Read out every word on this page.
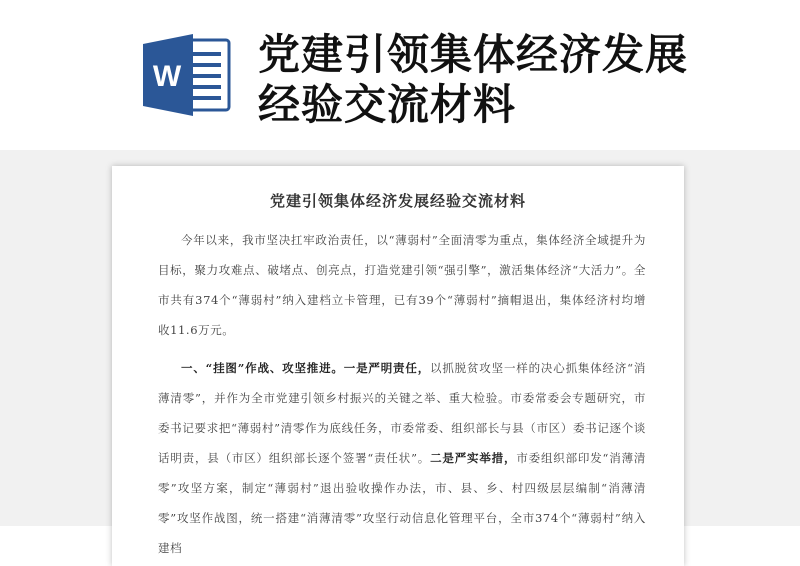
W 党建引领集体经济发展经验交流材料
党建引领集体经济发展经验交流材料
今年以来，我市坚决扛牢政治责任，以“薄弱村”全面清零为重点，集体经济全域提升为目标，聚力攻难点、破堵点、创亮点，打造党建引领“强引擎”，激活集体经济“大活力”。全市共有374个“薄弱村”纳入建档立卡管理，已有39个“薄弱村”摘帽退出，集体经济村均增收11.6万元。
一、“挂图”作战、攻坚推进。一是严明责任，以抓脱贫攻坚一样的决心抓集体经济“消薄清零”，并作为全市党建引领乡村振兴的关键之举、重大检验。市委常委会专题研究，市委书记要求把“薄弱村”清零作为底线任务，市委常委、组织部长与县（市区）委书记逐个谈话明责，县（市区）组织部长逐个签署“责任状”。二是严实举措，市委组织部印发“消薄清零”攻坚方案，制定“薄弱村”退出验收操作办法，市、县、乡、村四级层层编制“消薄清零”攻坚作战图，统一搭建“消薄清零”攻坚行动信息化管理平台，全市374个“薄弱村”纳入建档
